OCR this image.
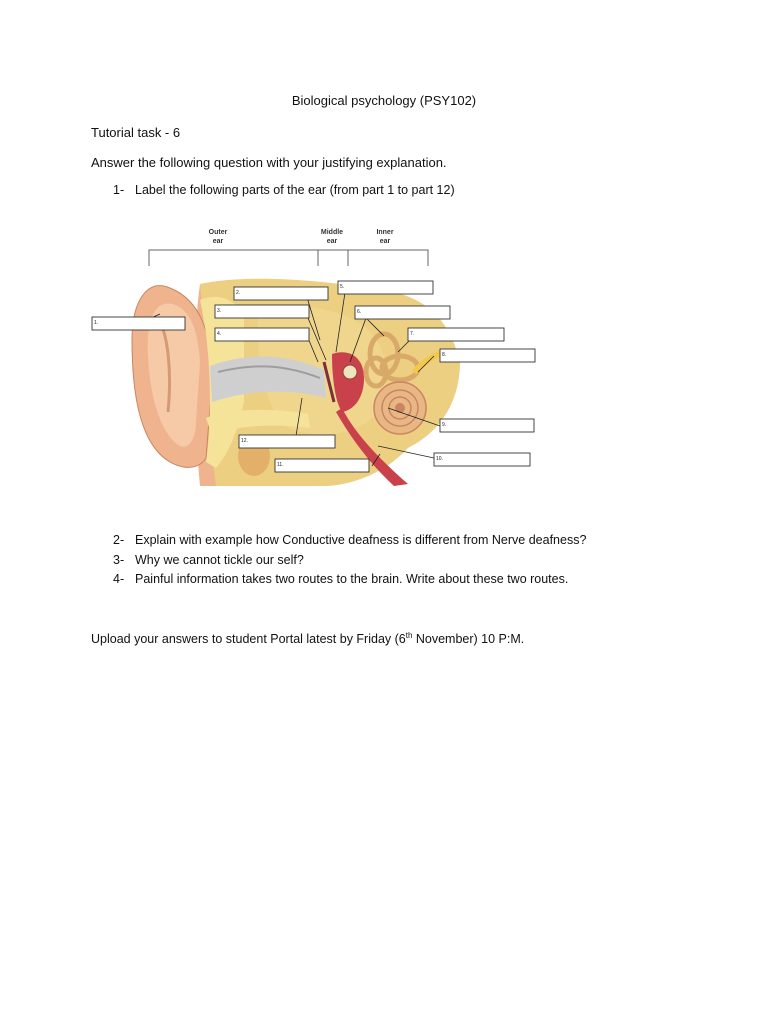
Biological psychology (PSY102)
Tutorial task - 6
Answer the following question with your justifying explanation.
1- Label the following parts of the ear (from part 1 to part 12)
Outer
ear
Middle
ear
Inner
ear
1.
2.
3.
4.
5.
6.
7.
8.
9.
10.
11.
12.
2- Explain with example how Conductive deafness is different from Nerve deafness?
3- Why we cannot tickle our self?
4- Painful information takes two routes to the brain. Write about these two routes.
Upload your answers to student Portal latest by Friday (6th November) 10 P:M.
